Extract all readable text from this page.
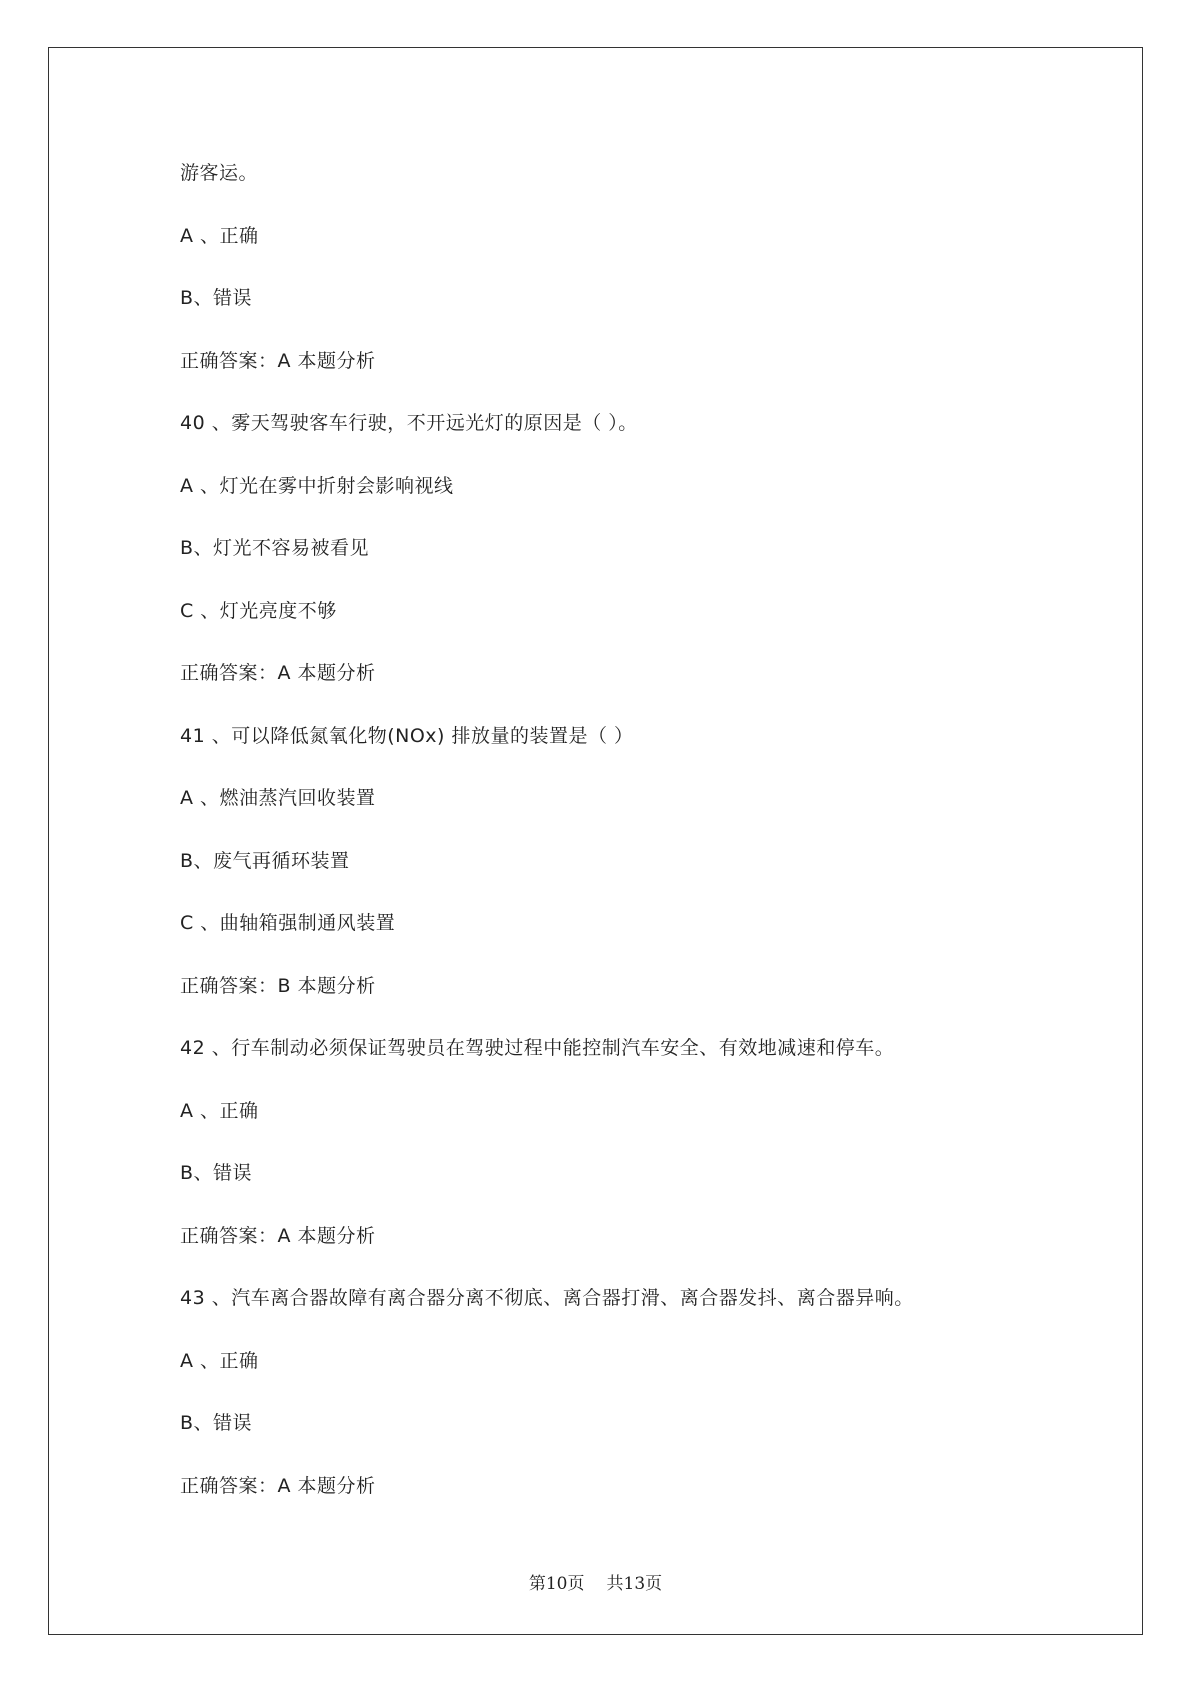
游客运。
A 、正确
B、错误
正确答案：A 本题分析
40 、雾天驾驶客车行驶，不开远光灯的原因是（ ）。
A 、灯光在雾中折射会影响视线
B、灯光不容易被看见
C 、灯光亮度不够
正确答案：A 本题分析
41 、可以降低氮氧化物(NOx) 排放量的装置是（ ）
A 、燃油蒸汽回收装置
B、废气再循环装置
C 、曲轴箱强制通风装置
正确答案：B 本题分析
42 、行车制动必须保证驾驶员在驾驶过程中能控制汽车安全、有效地减速和停车。
A 、正确
B、错误
正确答案：A 本题分析
43 、汽车离合器故障有离合器分离不彻底、离合器打滑、离合器发抖、离合器异响。
A 、正确
B、错误
正确答案：A 本题分析
第10页 共13页
